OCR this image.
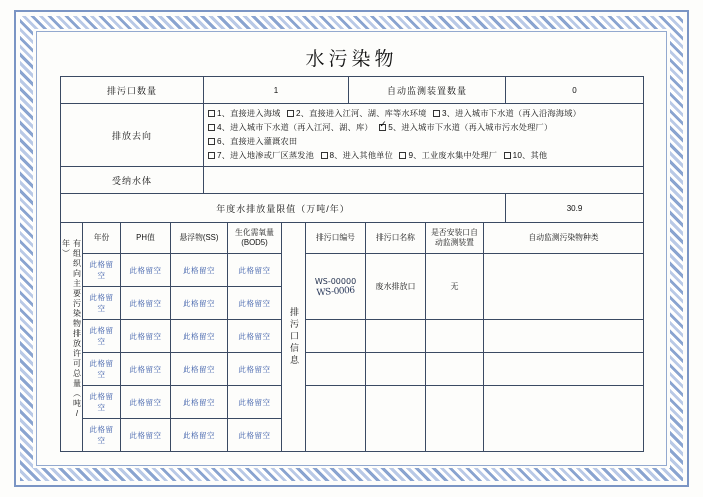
水污染物
排污口数量	1	自动监测装置数量	0
排放去向	1、直接进入海域 2、直接进入江河、湖、库等水环境 3、进入城市下水道（再入沿海海域）
4、进入城市下水道（再入江河、湖、库） ✓ 5、进入城市下水道（再入城市污水处理厂） 6、直接进入灌溉农田
7、进入地渗或厂区蒸发池 8、进入其他单位 9、工业废水集中处理厂 10、其他

受纳水体			
年度水排放量限值（万吨/年）			30.9
有组织向主要污染物排放许可总量（吨/年）	年份	PH值	悬浮物(SS)	生化需氧量(BOD5)	排污口信息	排污口编号	排污口名称	是否安装口自动监测装置	自动监测污染物种类
	此格留空	此格留空	此格留空	此格留空		WS-00000
WS-0006	废水排放口	无	
	此格留空	此格留空	此格留空	此格留空					
	此格留空	此格留空	此格留空	此格留空					
	此格留空	此格留空	此格留空	此格留空					
	此格留空	此格留空	此格留空	此格留空					
	此格留空	此格留空	此格留空	此格留空					
